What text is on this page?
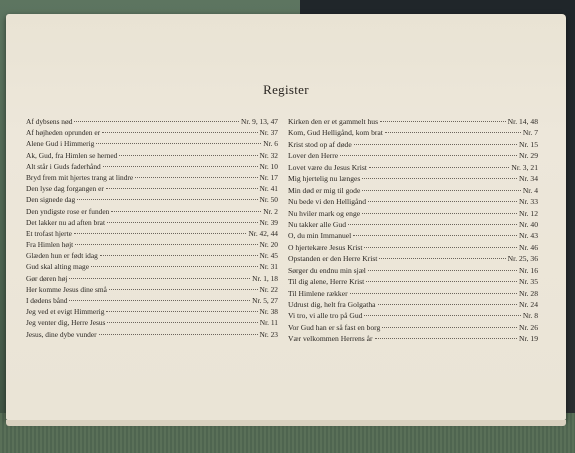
Register
Af dybsens nød	Nr. 9, 13, 47
Af højheden oprunden er	Nr. 37
Alene Gud i Himmerig	Nr. 6
Ak, Gud, fra Himlen se herned	Nr. 32
Alt står i Guds faderhånd	Nr. 10
Bryd frem mit hjertes trang at lindre	Nr. 17
Den lyse dag forgangen er	Nr. 41
Den signede dag	Nr. 50
Den yndigste rose er funden	Nr. 2
Det lakker nu ad aften brat	Nr. 39
Et trofast hjerte	Nr. 42, 44
Fra Himlen højt	Nr. 20
Glæden hun er født idag	Nr. 45
Gud skal alting mage	Nr. 31
Gør døren høj	Nr. 1, 18
Her komme Jesus dine små	Nr. 22
I dødens bånd	Nr. 5, 27
Jeg ved et evigt Himmerig	Nr. 38
Jeg venter dig, Herre Jesus	Nr. 11
Jesus, dine dybe vunder	Nr. 23
Kirken den er et gammelt hus	Nr. 14, 48
Kom, Gud Helligånd, kom brat	Nr. 7
Krist stod op af døde	Nr. 15
Lover den Herre	Nr. 29
Lovet være du Jesus Krist	Nr. 3, 21
Mig hjertelig nu længes	Nr. 34
Min død er mig til gode	Nr. 4
Nu bede vi den Helligånd	Nr. 33
Nu hviler mark og enge	Nr. 12
Nu takker alle Gud	Nr. 40
O, du min Immanuel	Nr. 43
O hjertekære Jesus Krist	Nr. 46
Opstanden er den Herre Krist	Nr. 25, 36
Sørger du endnu min sjæl	Nr. 16
Til dig alene, Herre Krist	Nr. 35
Til Himlene rækker	Nr. 28
Udrust dig, helt fra Golgatha	Nr. 24
Vi tro, vi alle tro på Gud	Nr. 8
Vor Gud han er så fast en borg	Nr. 26
Vær velkommen Herrens år	Nr. 19
